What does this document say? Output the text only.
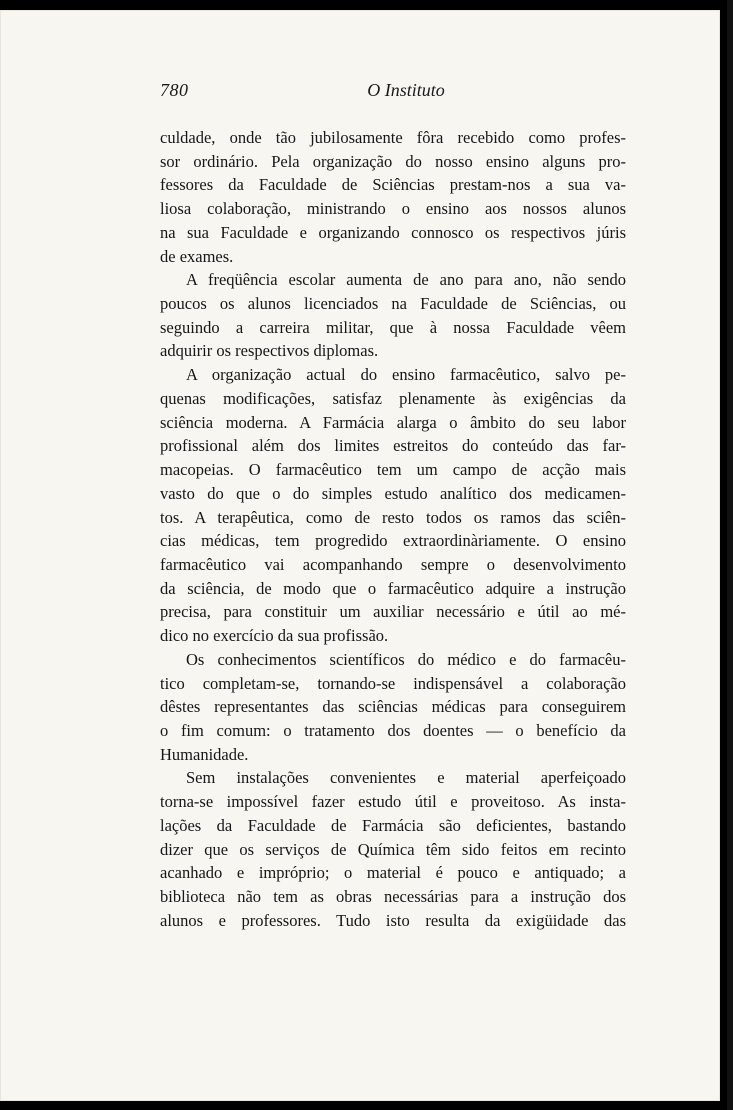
780	O Instituto
culdade, onde tão jubilosamente fôra recebido como profes-
sor ordinário. Pela organização do nosso ensino alguns pro-
fessores da Faculdade de Sciências prestam-nos a sua va-
liosa colaboração, ministrando o ensino aos nossos alunos
na sua Faculdade e organizando connosco os respectivos júris
de exames.
A freqüência escolar aumenta de ano para ano, não sendo
poucos os alunos licenciados na Faculdade de Sciências, ou
seguindo a carreira militar, que à nossa Faculdade vêem
adquirir os respectivos diplomas.
A organização actual do ensino farmacêutico, salvo pe-
quenas modificações, satisfaz plenamente às exigências da
sciência moderna. A Farmácia alarga o âmbito do seu labor
profissional além dos limites estreitos do conteúdo das far-
macopeias. O farmacêutico tem um campo de acção mais
vasto do que o do simples estudo analítico dos medicamen-
tos. A terapêutica, como de resto todos os ramos das sciên-
cias médicas, tem progredido extraordinàriamente. O ensino
farmacêutico vai acompanhando sempre o desenvolvimento
da sciência, de modo que o farmacêutico adquire a instrução
precisa, para constituir um auxiliar necessário e útil ao mé-
dico no exercício da sua profissão.
Os conhecimentos scientíficos do médico e do farmacêu-
tico completam-se, tornando-se indispensável a colaboração
dêstes representantes das sciências médicas para conseguirem
o fim comum: o tratamento dos doentes — o benefício da
Humanidade.
Sem instalações convenientes e material aperfeiçoado
torna-se impossível fazer estudo útil e proveitoso. As insta-
lações da Faculdade de Farmácia são deficientes, bastando
dizer que os serviços de Química têm sido feitos em recinto
acanhado e impróprio; o material é pouco e antiquado; a
biblioteca não tem as obras necessárias para a instrução dos
alunos e professores. Tudo isto resulta da exigüidade das
